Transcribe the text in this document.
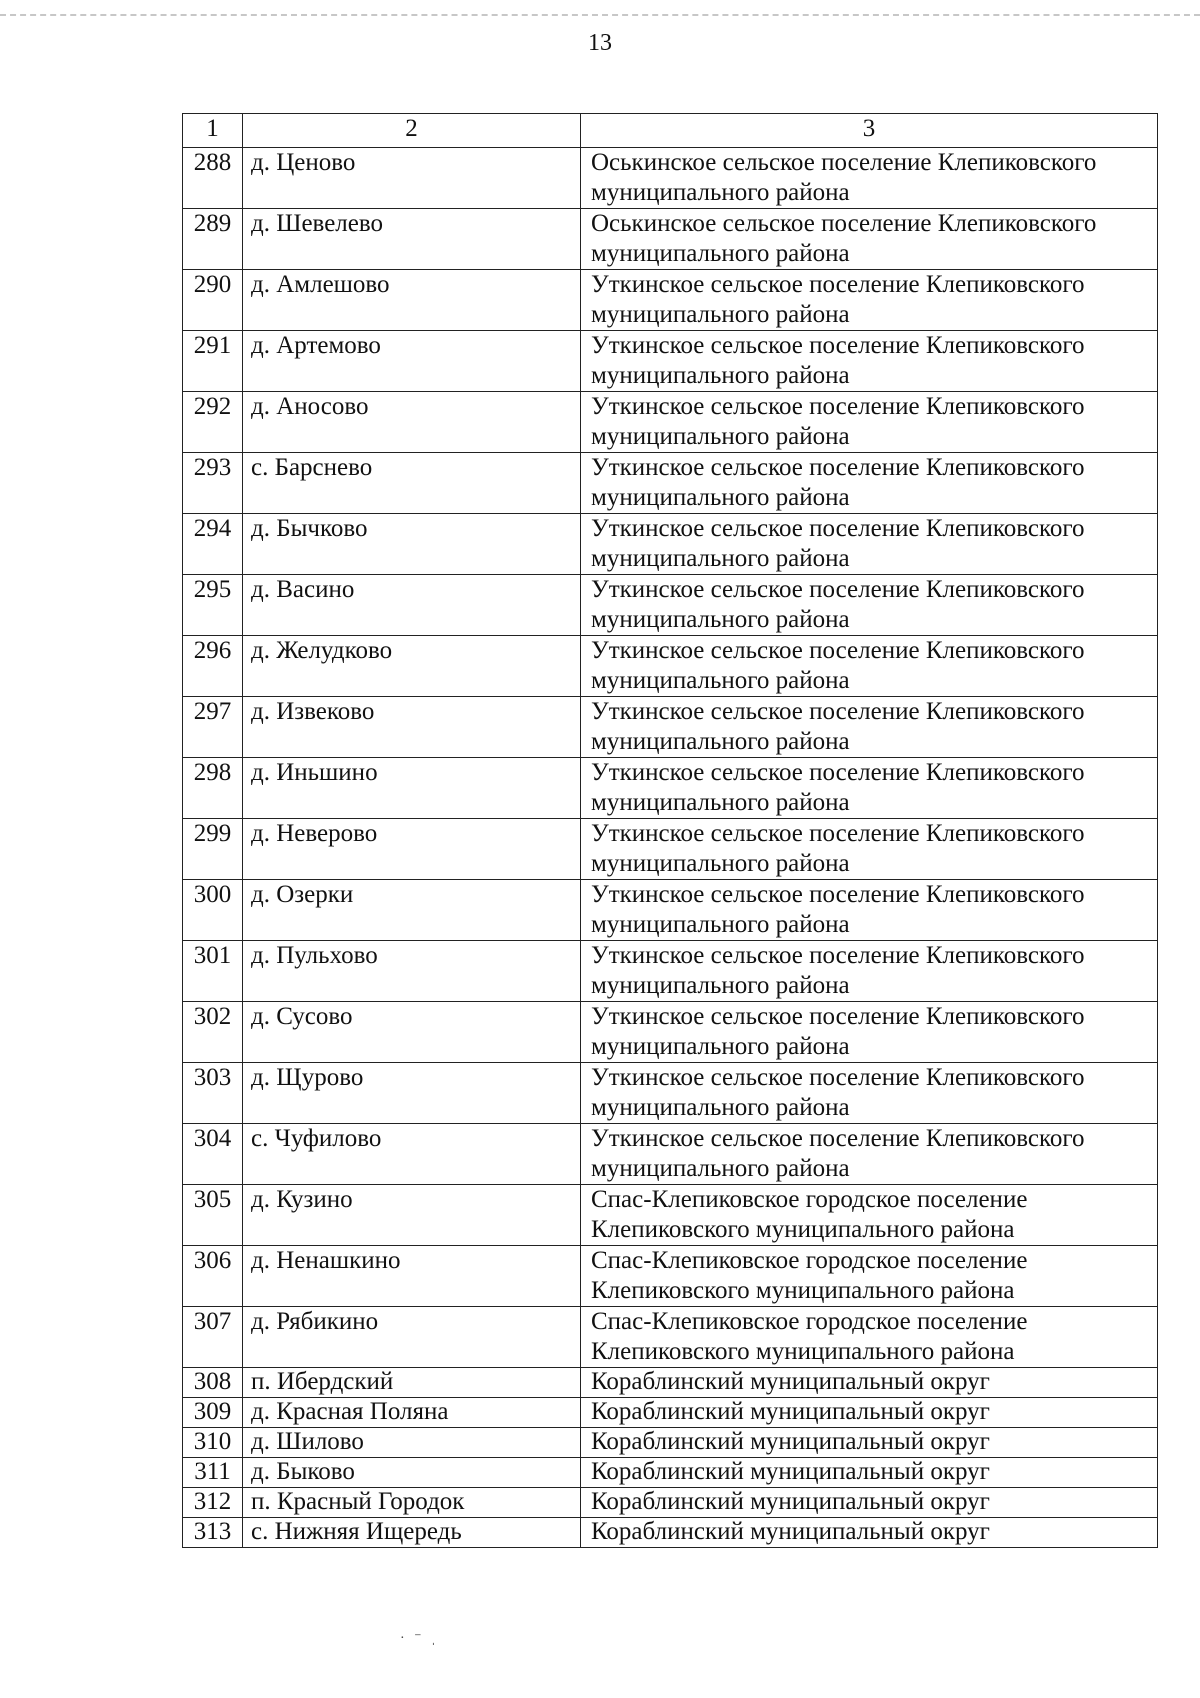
13
1	2	3
288	д. Ценово	Оськинское сельское поселение Клепиковского муниципального района
289	д. Шевелево	Оськинское сельское поселение Клепиковского муниципального района
290	д. Амлешово	Уткинское сельское поселение Клепиковского муниципального района
291	д. Артемово	Уткинское сельское поселение Клепиковского муниципального района
292	д. Аносово	Уткинское сельское поселение Клепиковского муниципального района
293	с. Барснево	Уткинское сельское поселение Клепиковского муниципального района
294	д. Бычково	Уткинское сельское поселение Клепиковского муниципального района
295	д. Васино	Уткинское сельское поселение Клепиковского муниципального района
296	д. Желудково	Уткинское сельское поселение Клепиковского муниципального района
297	д. Извеково	Уткинское сельское поселение Клепиковского муниципального района
298	д. Иньшино	Уткинское сельское поселение Клепиковского муниципального района
299	д. Неверово	Уткинское сельское поселение Клепиковского муниципального района
300	д. Озерки	Уткинское сельское поселение Клепиковского муниципального района
301	д. Пульхово	Уткинское сельское поселение Клепиковского муниципального района
302	д. Сусово	Уткинское сельское поселение Клепиковского муниципального района
303	д. Щурово	Уткинское сельское поселение Клепиковского муниципального района
304	с. Чуфилово	Уткинское сельское поселение Клепиковского муниципального района
305	д. Кузино	Спас-Клепиковское городское поселение Клепиковского муниципального района
306	д. Ненашкино	Спас-Клепиковское городское поселение Клепиковского муниципального района
307	д. Рябикино	Спас-Клепиковское городское поселение Клепиковского муниципального района
308	п. Ибердский	Кораблинский муниципальный округ
309	д. Красная Поляна	Кораблинский муниципальный округ
310	д. Шилово	Кораблинский муниципальный округ
311	д. Быково	Кораблинский муниципальный округ
312	п. Красный Городок	Кораблинский муниципальный округ
313	с. Нижняя Ищередь	Кораблинский муниципальный округ
· ⁻ ˌ
